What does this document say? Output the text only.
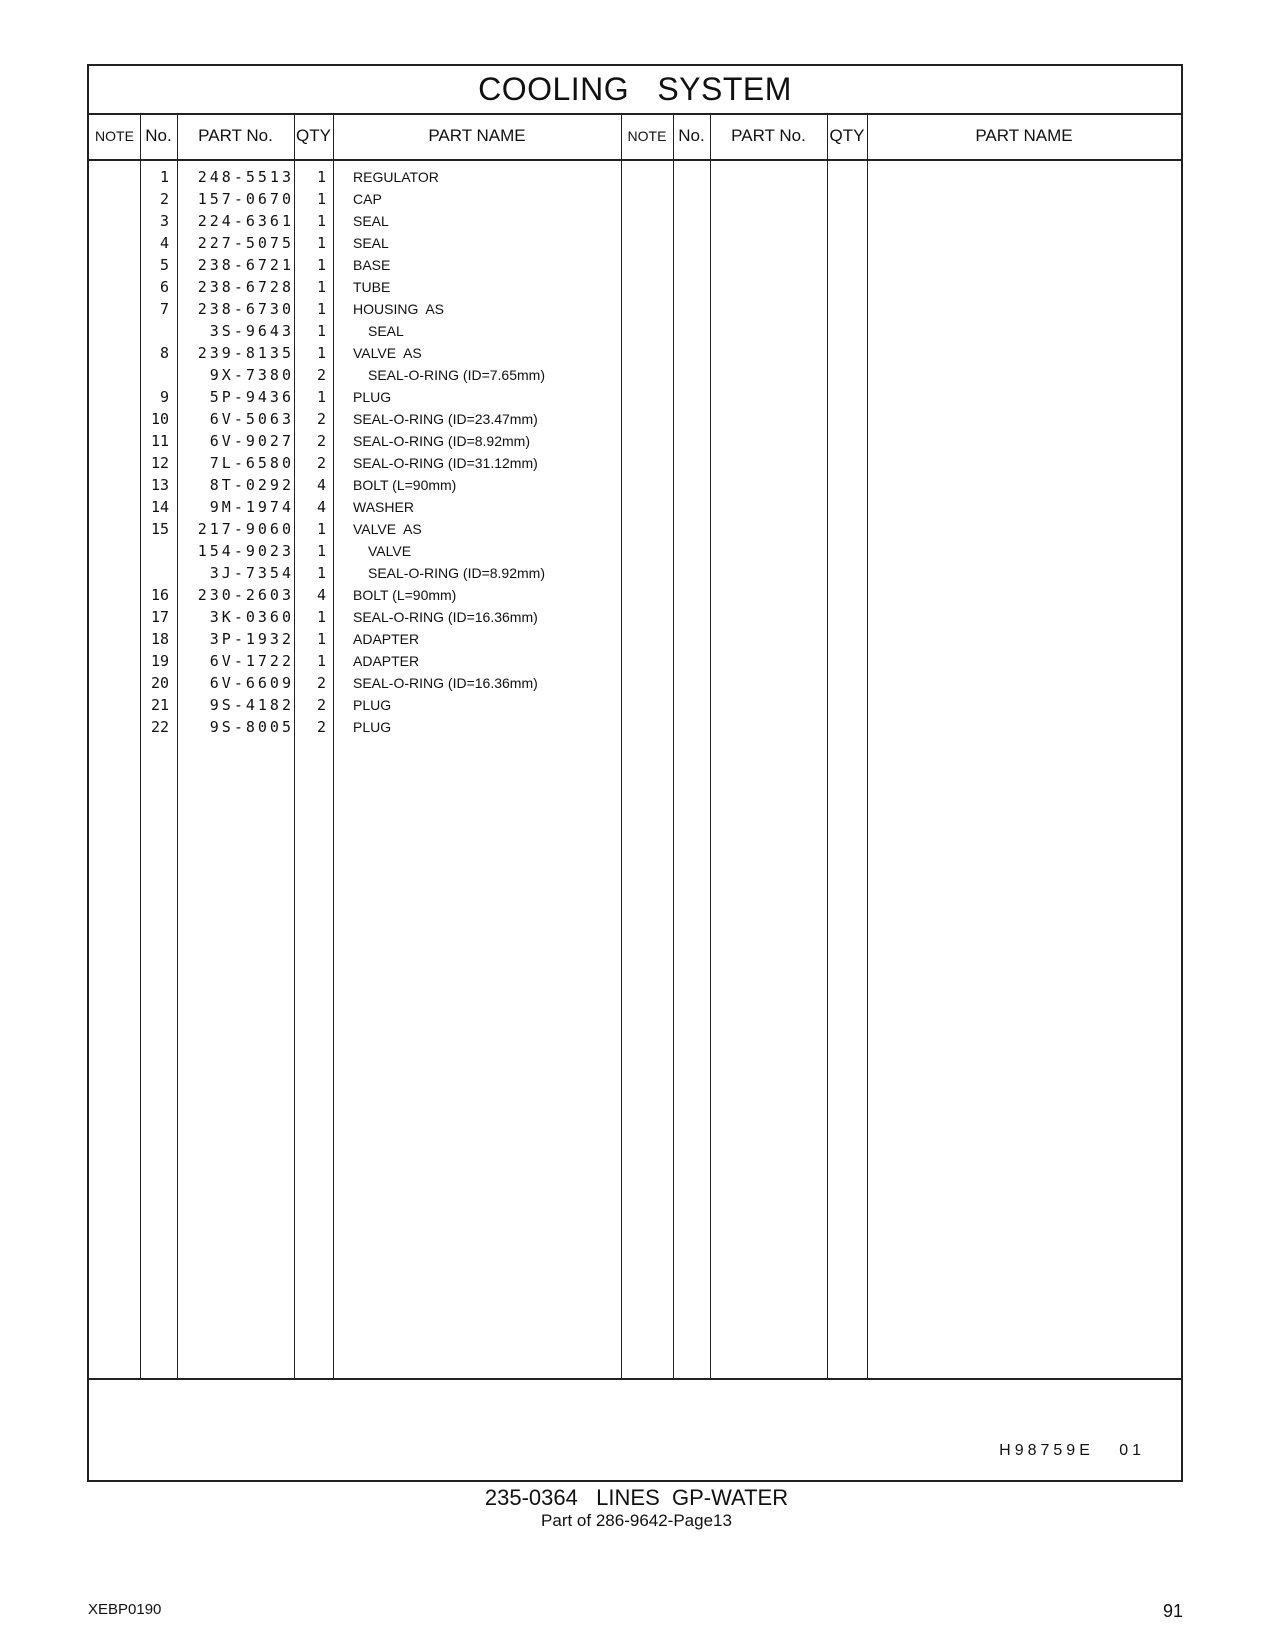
COOLING   SYSTEM
NOTE No.	PART No.	QTY	PART NAME	NOTE No.	PART No.	QTY	PART NAME
1	248-5513	1 REGULATOR
2	157-0670	1 CAP
3	224-6361	1 SEAL
4	227-5075	1 SEAL
5	238-6721	1 BASE
6	238-6728	1 TUBE
7	238-6730	1 HOUSING  AS
3S-9643	1	SEAL
8	239-8135	1 VALVE  AS
9X-7380	2	SEAL-O-RING (ID=7.65mm)
9	5P-9436	1 PLUG
10	6V-5063	2 SEAL-O-RING (ID=23.47mm)
11	6V-9027	2 SEAL-O-RING (ID=8.92mm)
12	7L-6580	2 SEAL-O-RING (ID=31.12mm)
13	8T-0292	4 BOLT (L=90mm)
14	9M-1974	4 WASHER
15	217-9060	1 VALVE  AS
154-9023	1	VALVE
3J-7354	1	SEAL-O-RING (ID=8.92mm)
16	230-2603	4 BOLT (L=90mm)
17	3K-0360	1 SEAL-O-RING (ID=16.36mm)
18	3P-1932	1 ADAPTER
19	6V-1722	1 ADAPTER
20	6V-6609	2 SEAL-O-RING (ID=16.36mm)
21	9S-4182	2 PLUG
22	9S-8005	2 PLUG
H98759E   01
235-0364   LINES  GP-WATER
Part of 286-9642-Page13
XEBP0190	91
